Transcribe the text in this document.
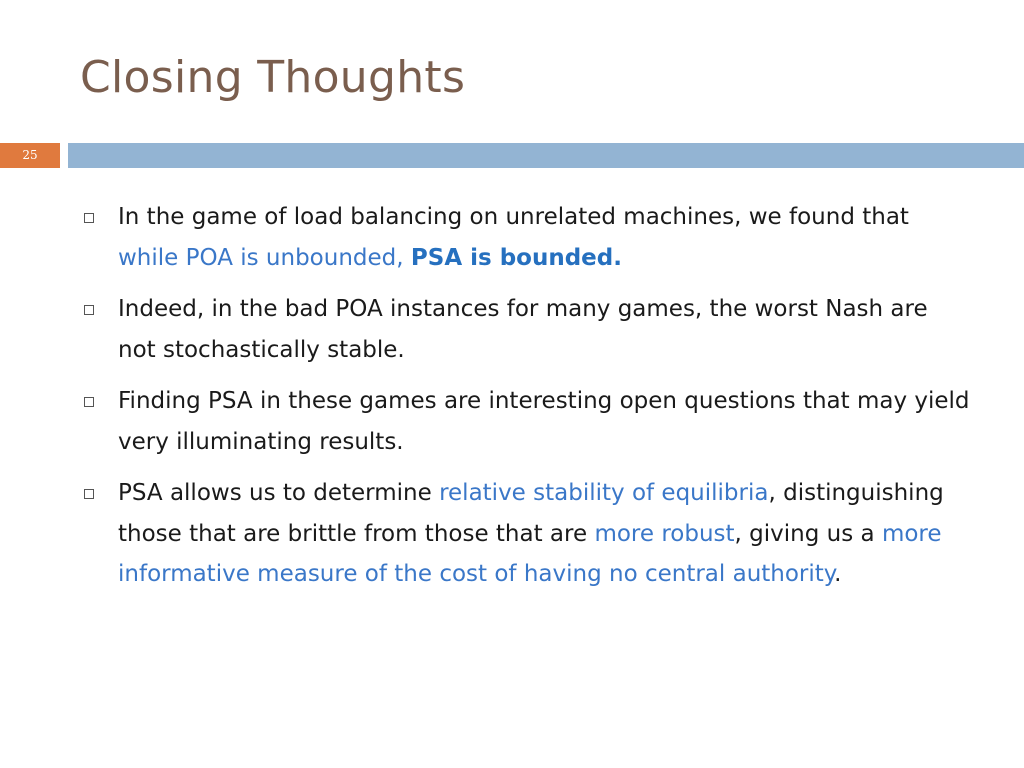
Closing Thoughts
25
In the game of load balancing on unrelated machines, we found that while POA is unbounded, PSA is bounded.
Indeed, in the bad POA instances for many games, the worst Nash are not stochastically stable.
Finding PSA in these games are interesting open questions that may yield very illuminating results.
PSA allows us to determine relative stability of equilibria, distinguishing those that are brittle from those that are more robust, giving us a more informative measure of the cost of having no central authority.
